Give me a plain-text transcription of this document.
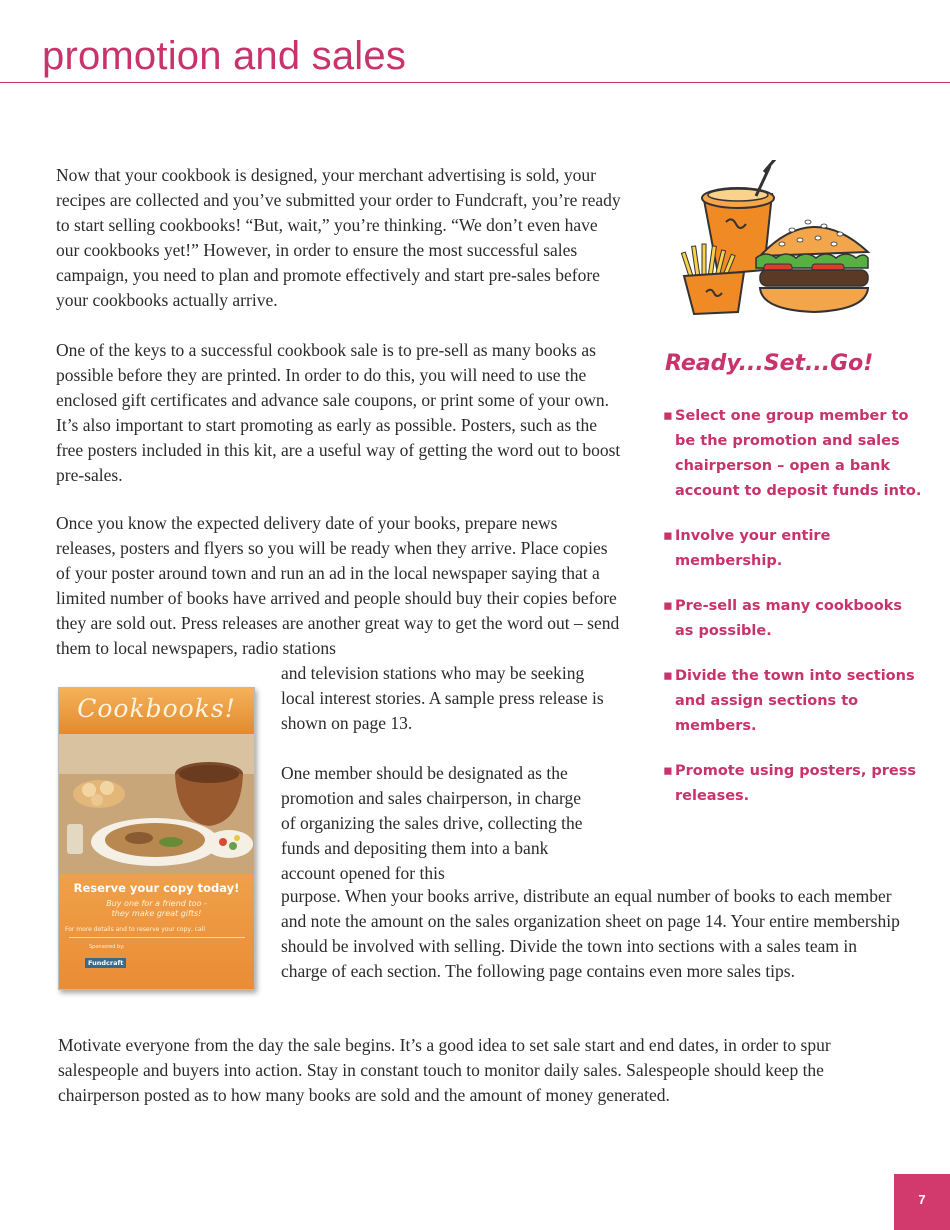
promotion and sales

Now that your cookbook is designed, your merchant advertising is sold, your recipes are collected and you’ve submitted your order to Fundcraft, you’re ready to start selling cookbooks! “But, wait,” you’re thinking. “We don’t even have our cookbooks yet!” However, in order to ensure the most successful sales campaign, you need to plan and promote effectively and start pre-sales before your cookbooks actually arrive.

One of the keys to a successful cookbook sale is to pre-sell as many books as possible before they are printed. In order to do this, you will need to use the enclosed gift certificates and advance sale coupons, or print some of your own. It’s also important to start promoting as early as possible. Posters, such as the free posters included in this kit, are a useful way of getting the word out to boost pre-sales.

Once you know the expected delivery date of your books, prepare news releases, posters and flyers so you will be ready when they arrive. Place copies of your poster around town and run an ad in the local newspaper saying that a limited number of books have arrived and people should buy their copies before they are sold out. Press releases are another great way to get the word out – send them to local newspapers, radio stations

and television stations who may be seeking local interest stories. A sample press release is shown on page 13.

One member should be designated as the promotion and sales chairperson, in charge of organizing the sales drive, collecting the funds and depositing them into a bank account opened for this

purpose. When your books arrive, distribute an equal number of books to each member and note the amount on the sales organization sheet on page 14. Your entire membership should be involved with selling. Divide the town into sections with a sales team in charge of each section. The following page contains even more sales tips.

Motivate everyone from the day the sale begins. It’s a good idea to set sale start and end dates, in order to spur salespeople and buyers into action. Stay in constant touch to monitor daily sales. Salespeople should keep the chairperson posted as to how many books are sold and the amount of money generated.

Ready...Set...Go!
▪ Select one group member to be the promotion and sales chairperson – open a bank account to deposit funds into.
▪ Involve your entire membership.
▪ Pre-sell as many cookbooks as possible.
▪ Divide the town into sections and assign sections to members.
▪ Promote using posters, press releases.
Cookbooks!
Reserve your copy today!
Buy one for a friend too -
they make great gifts!
For more details and to reserve your copy, call
Sponsored by:
Fundcraft
7
